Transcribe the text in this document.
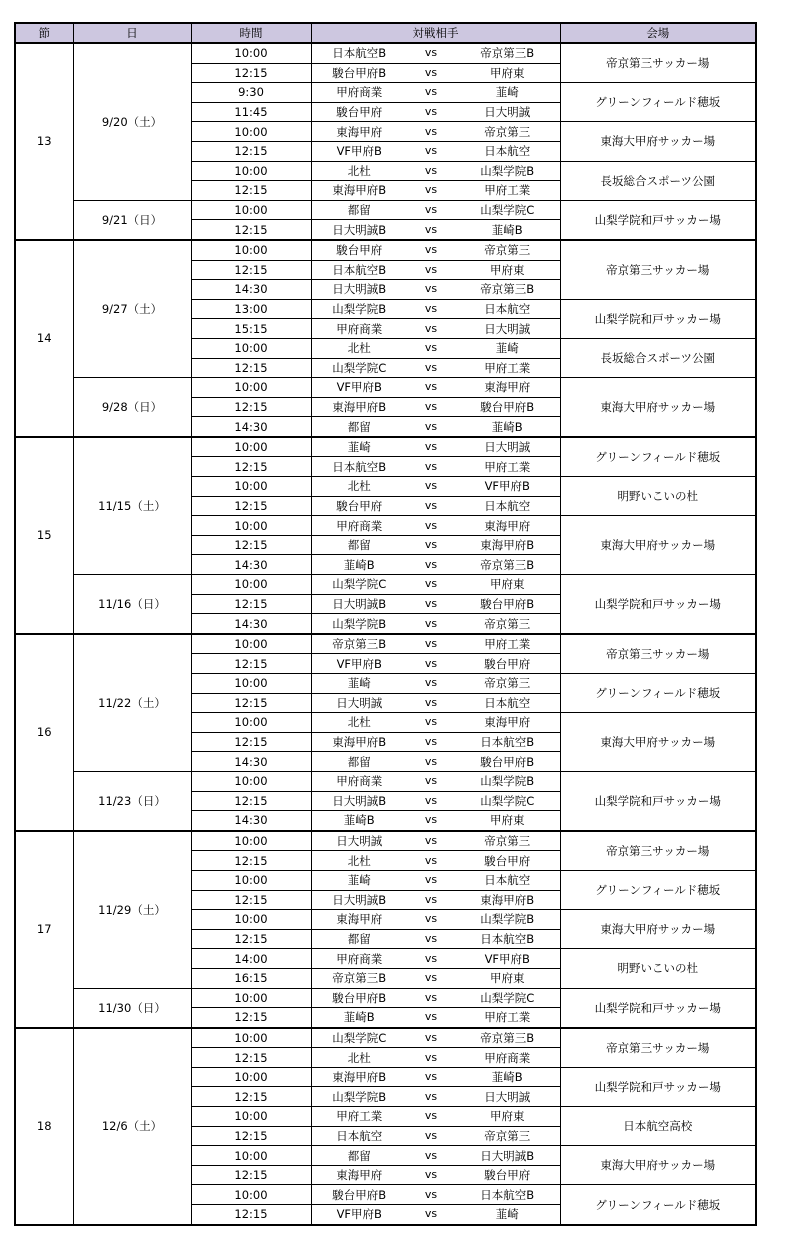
節	日	時間	対戦相手			会場
13	9/20（土）	10:00	日本航空B	vs	帝京第三B	帝京第三サッカー場
		12:15	駿台甲府B	vs	甲府東	
		9:30	甲府商業	vs	韮崎	グリーンフィールド穂坂
		11:45	駿台甲府	vs	日大明誠	
		10:00	東海甲府	vs	帝京第三	東海大甲府サッカー場
		12:15	VF甲府B	vs	日本航空	
		10:00	北杜	vs	山梨学院B	長坂総合スポーツ公園
		12:15	東海甲府B	vs	甲府工業	
	9/21（日）	10:00	都留	vs	山梨学院C	山梨学院和戸サッカー場
		12:15	日大明誠B	vs	韮崎B	
14	9/27（土）	10:00	駿台甲府	vs	帝京第三	帝京第三サッカー場
		12:15	日本航空B	vs	甲府東	
		14:30	日大明誠B	vs	帝京第三B	
		13:00	山梨学院B	vs	日本航空	山梨学院和戸サッカー場
		15:15	甲府商業	vs	日大明誠	
		10:00	北杜	vs	韮崎	長坂総合スポーツ公園
		12:15	山梨学院C	vs	甲府工業	
	9/28（日）	10:00	VF甲府B	vs	東海甲府	東海大甲府サッカー場
		12:15	東海甲府B	vs	駿台甲府B	
		14:30	都留	vs	韮崎B	
15	11/15（土）	10:00	韮崎	vs	日大明誠	グリーンフィールド穂坂
		12:15	日本航空B	vs	甲府工業	
		10:00	北杜	vs	VF甲府B	明野いこいの杜
		12:15	駿台甲府	vs	日本航空	
		10:00	甲府商業	vs	東海甲府	東海大甲府サッカー場
		12:15	都留	vs	東海甲府B	
		14:30	韮崎B	vs	帝京第三B	
	11/16（日）	10:00	山梨学院C	vs	甲府東	山梨学院和戸サッカー場
		12:15	日大明誠B	vs	駿台甲府B	
		14:30	山梨学院B	vs	帝京第三	
16	11/22（土）	10:00	帝京第三B	vs	甲府工業	帝京第三サッカー場
		12:15	VF甲府B	vs	駿台甲府	
		10:00	韮崎	vs	帝京第三	グリーンフィールド穂坂
		12:15	日大明誠	vs	日本航空	
		10:00	北杜	vs	東海甲府	東海大甲府サッカー場
		12:15	東海甲府B	vs	日本航空B	
		14:30	都留	vs	駿台甲府B	
	11/23（日）	10:00	甲府商業	vs	山梨学院B	山梨学院和戸サッカー場
		12:15	日大明誠B	vs	山梨学院C	
		14:30	韮崎B	vs	甲府東	
17	11/29（土）	10:00	日大明誠	vs	帝京第三	帝京第三サッカー場
		12:15	北杜	vs	駿台甲府	
		10:00	韮崎	vs	日本航空	グリーンフィールド穂坂
		12:15	日大明誠B	vs	東海甲府B	
		10:00	東海甲府	vs	山梨学院B	東海大甲府サッカー場
		12:15	都留	vs	日本航空B	
		14:00	甲府商業	vs	VF甲府B	明野いこいの杜
		16:15	帝京第三B	vs	甲府東	
	11/30（日）	10:00	駿台甲府B	vs	山梨学院C	山梨学院和戸サッカー場
		12:15	韮崎B	vs	甲府工業	
18	12/6（土）	10:00	山梨学院C	vs	帝京第三B	帝京第三サッカー場
		12:15	北杜	vs	甲府商業	
		10:00	東海甲府B	vs	韮崎B	山梨学院和戸サッカー場
		12:15	山梨学院B	vs	日大明誠	
		10:00	甲府工業	vs	甲府東	日本航空高校
		12:15	日本航空	vs	帝京第三	
		10:00	都留	vs	日大明誠B	東海大甲府サッカー場
		12:15	東海甲府	vs	駿台甲府	
		10:00	駿台甲府B	vs	日本航空B	グリーンフィールド穂坂
		12:15	VF甲府B	vs	韮崎	
